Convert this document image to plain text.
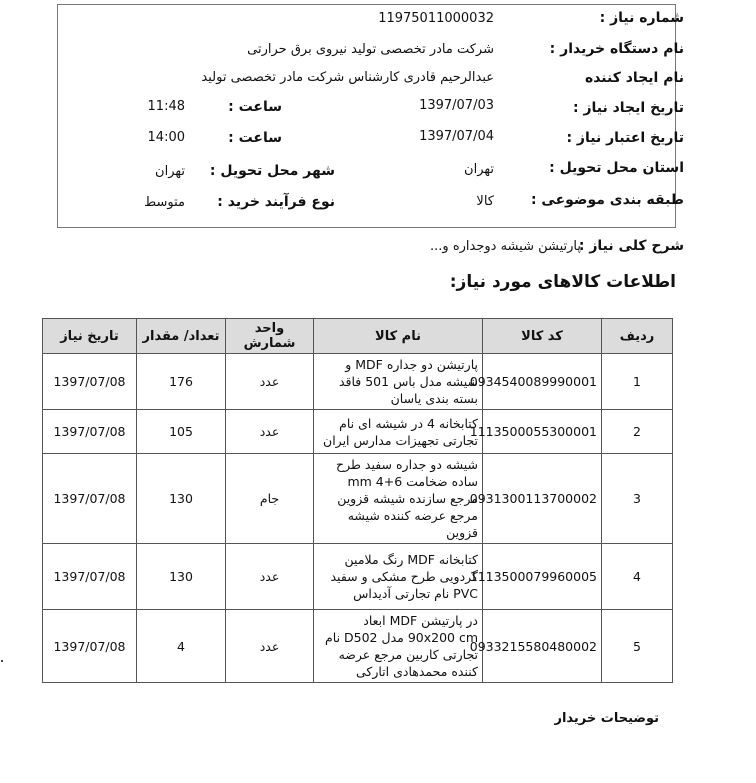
شماره نیاز :
11975011000032
نام دستگاه خریدار :
شرکت مادر تخصصی تولید نیروی برق حرارتی
نام ایجاد کننده
عبدالرحیم قادری کارشناس شرکت مادر تخصصی تولید
تاریخ ایجاد نیاز :
1397/07/03
ساعت :
11:48
تاریخ اعتبار نیاز :
1397/07/04
ساعت :
14:00
استان محل تحویل :
تهران
شهر محل تحویل :
تهران
طبقه بندی موضوعی :
کالا
نوع فرآیند خرید :
متوسط
شرح کلی نیاز :
پارتیشن شیشه دوجداره و...
اطلاعات کالاهای مورد نیاز:
ردیف	کد کالا	نام کالا	واحد شمارش	تعداد/ مقدار	تاریخ نیاز
1	0934540089990001	پارتیشن دو جداره MDF و شیشه مدل باس 501 فاقد بسته بندی یاسان	عدد	176	1397/07/08
2	1113500055300001	کتابخانه 4 در شیشه ای نام تجارتی تجهیزات مدارس ایران	عدد	105	1397/07/08
3	0931300113700002	شیشه دو جداره سفید طرح ساده ضخامت mm 4+6 مرجع سازنده شیشه قزوین مرجع عرضه کننده شیشه قزوین	جام	130	1397/07/08
4	1113500079960005	کتابخانه MDF رنگ ملامین گردویی طرح مشکی و سفید PVC نام تجارتی آدیداس	عدد	130	1397/07/08
5	0933215580480002	در پارتیشن MDF ابعاد 90x200 cm مدل D502 نام تجارتی کاربین مرجع عرضه کننده محمدهادی اتارکی	عدد	4	1397/07/08
توضیحات خریدار
